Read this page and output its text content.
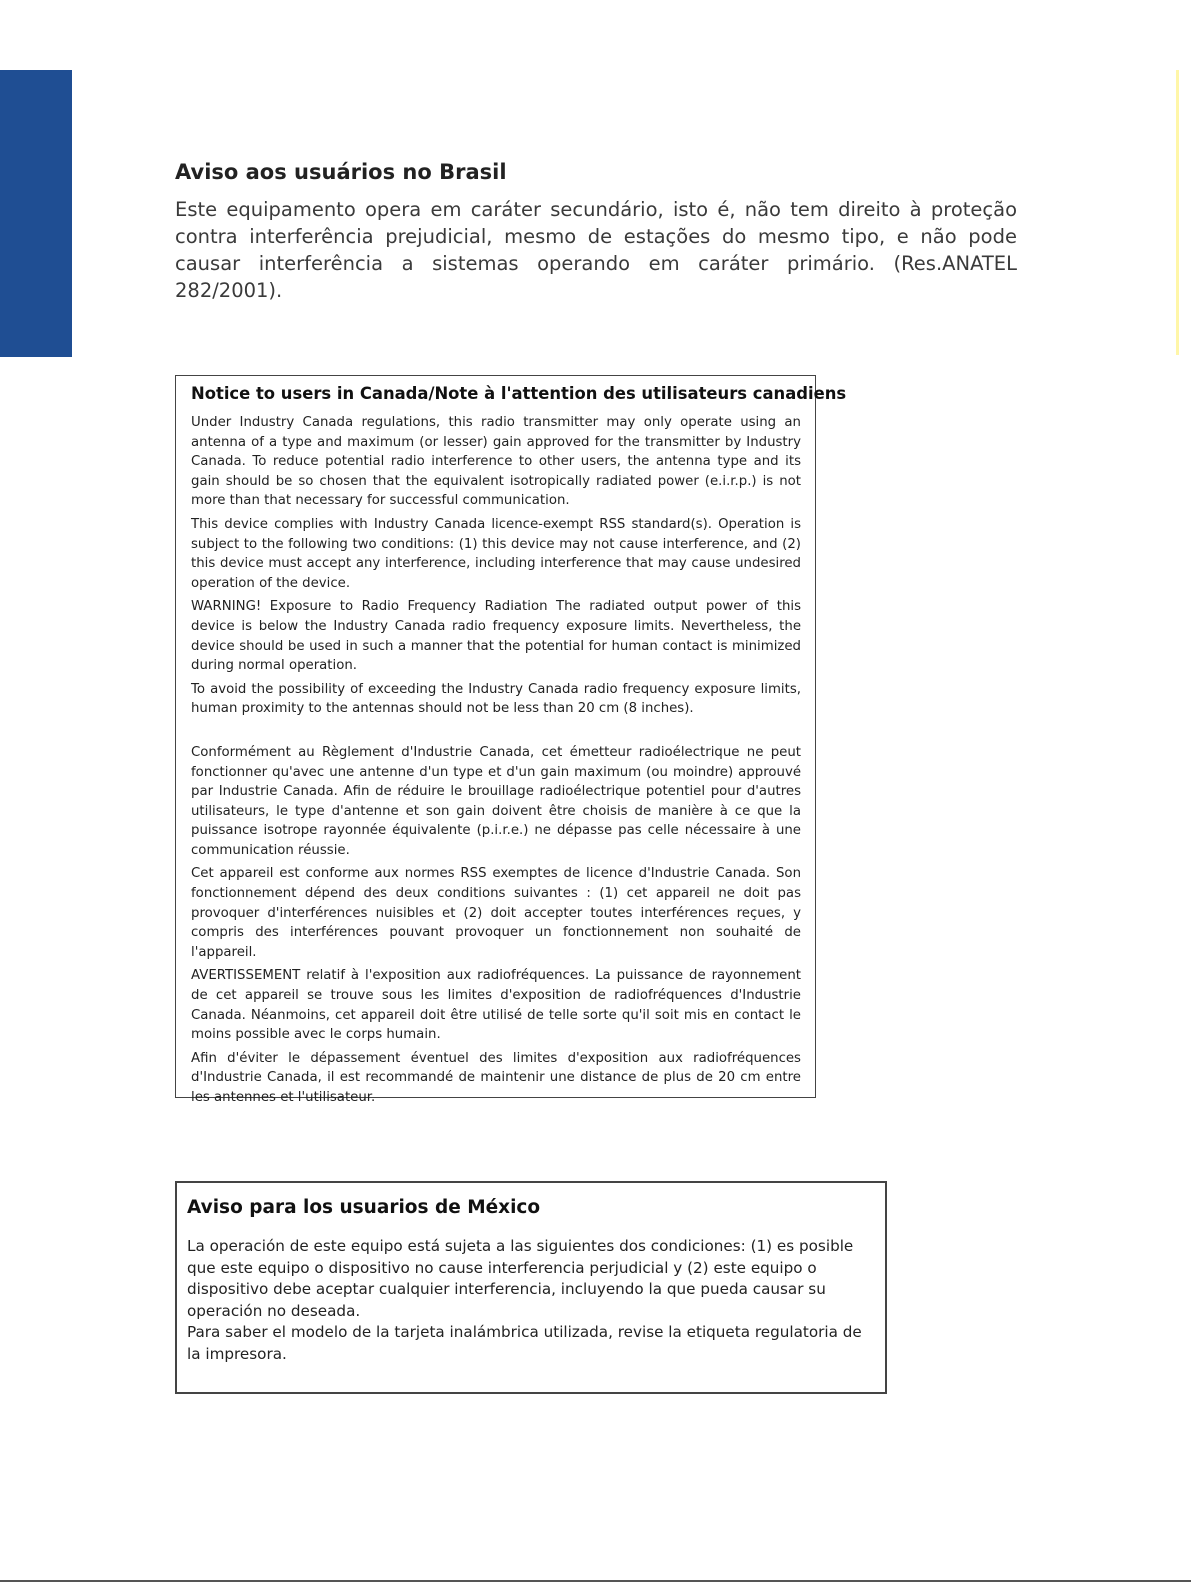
Aviso aos usuários no Brasil

Este equipamento opera em caráter secundário, isto é, não tem direito à proteção contra interferência prejudicial, mesmo de estações do mesmo tipo, e não pode causar interferência a sistemas operando em caráter primário. (Res.ANATEL 282/2001).

Notice to users in Canada/Note à l'attention des utilisateurs canadiens

Under Industry Canada regulations, this radio transmitter may only operate using an antenna of a type and maximum (or lesser) gain approved for the transmitter by Industry Canada. To reduce potential radio interference to other users, the antenna type and its gain should be so chosen that the equivalent isotropically radiated power (e.i.r.p.) is not more than that necessary for successful communication.

This device complies with Industry Canada licence-exempt RSS standard(s). Operation is subject to the following two conditions: (1) this device may not cause interference, and (2) this device must accept any interference, including interference that may cause undesired operation of the device.

WARNING! Exposure to Radio Frequency Radiation The radiated output power of this device is below the Industry Canada radio frequency exposure limits. Nevertheless, the device should be used in such a manner that the potential for human contact is minimized during normal operation.

To avoid the possibility of exceeding the Industry Canada radio frequency exposure limits, human proximity to the antennas should not be less than 20 cm (8 inches).

Conformément au Règlement d'Industrie Canada, cet émetteur radioélectrique ne peut fonctionner qu'avec une antenne d'un type et d'un gain maximum (ou moindre) approuvé par Industrie Canada. Afin de réduire le brouillage radioélectrique potentiel pour d'autres utilisateurs, le type d'antenne et son gain doivent être choisis de manière à ce que la puissance isotrope rayonnée équivalente (p.i.r.e.) ne dépasse pas celle nécessaire à une communication réussie.

Cet appareil est conforme aux normes RSS exemptes de licence d'Industrie Canada. Son fonctionnement dépend des deux conditions suivantes : (1) cet appareil ne doit pas provoquer d'interférences nuisibles et (2) doit accepter toutes interférences reçues, y compris des interférences pouvant provoquer un fonctionnement non souhaité de l'appareil.

AVERTISSEMENT relatif à l'exposition aux radiofréquences. La puissance de rayonnement de cet appareil se trouve sous les limites d'exposition de radiofréquences d'Industrie Canada. Néanmoins, cet appareil doit être utilisé de telle sorte qu'il soit mis en contact le moins possible avec le corps humain.

Afin d'éviter le dépassement éventuel des limites d'exposition aux radiofréquences d'Industrie Canada, il est recommandé de maintenir une distance de plus de 20 cm entre les antennes et l'utilisateur.

Aviso para los usuarios de México

La operación de este equipo está sujeta a las siguientes dos condiciones: (1) es posible que este equipo o dispositivo no cause interferencia perjudicial y (2) este equipo o dispositivo debe aceptar cualquier interferencia, incluyendo la que pueda causar su operación no deseada.

Para saber el modelo de la tarjeta inalámbrica utilizada, revise la etiqueta regulatoria de la impresora.
